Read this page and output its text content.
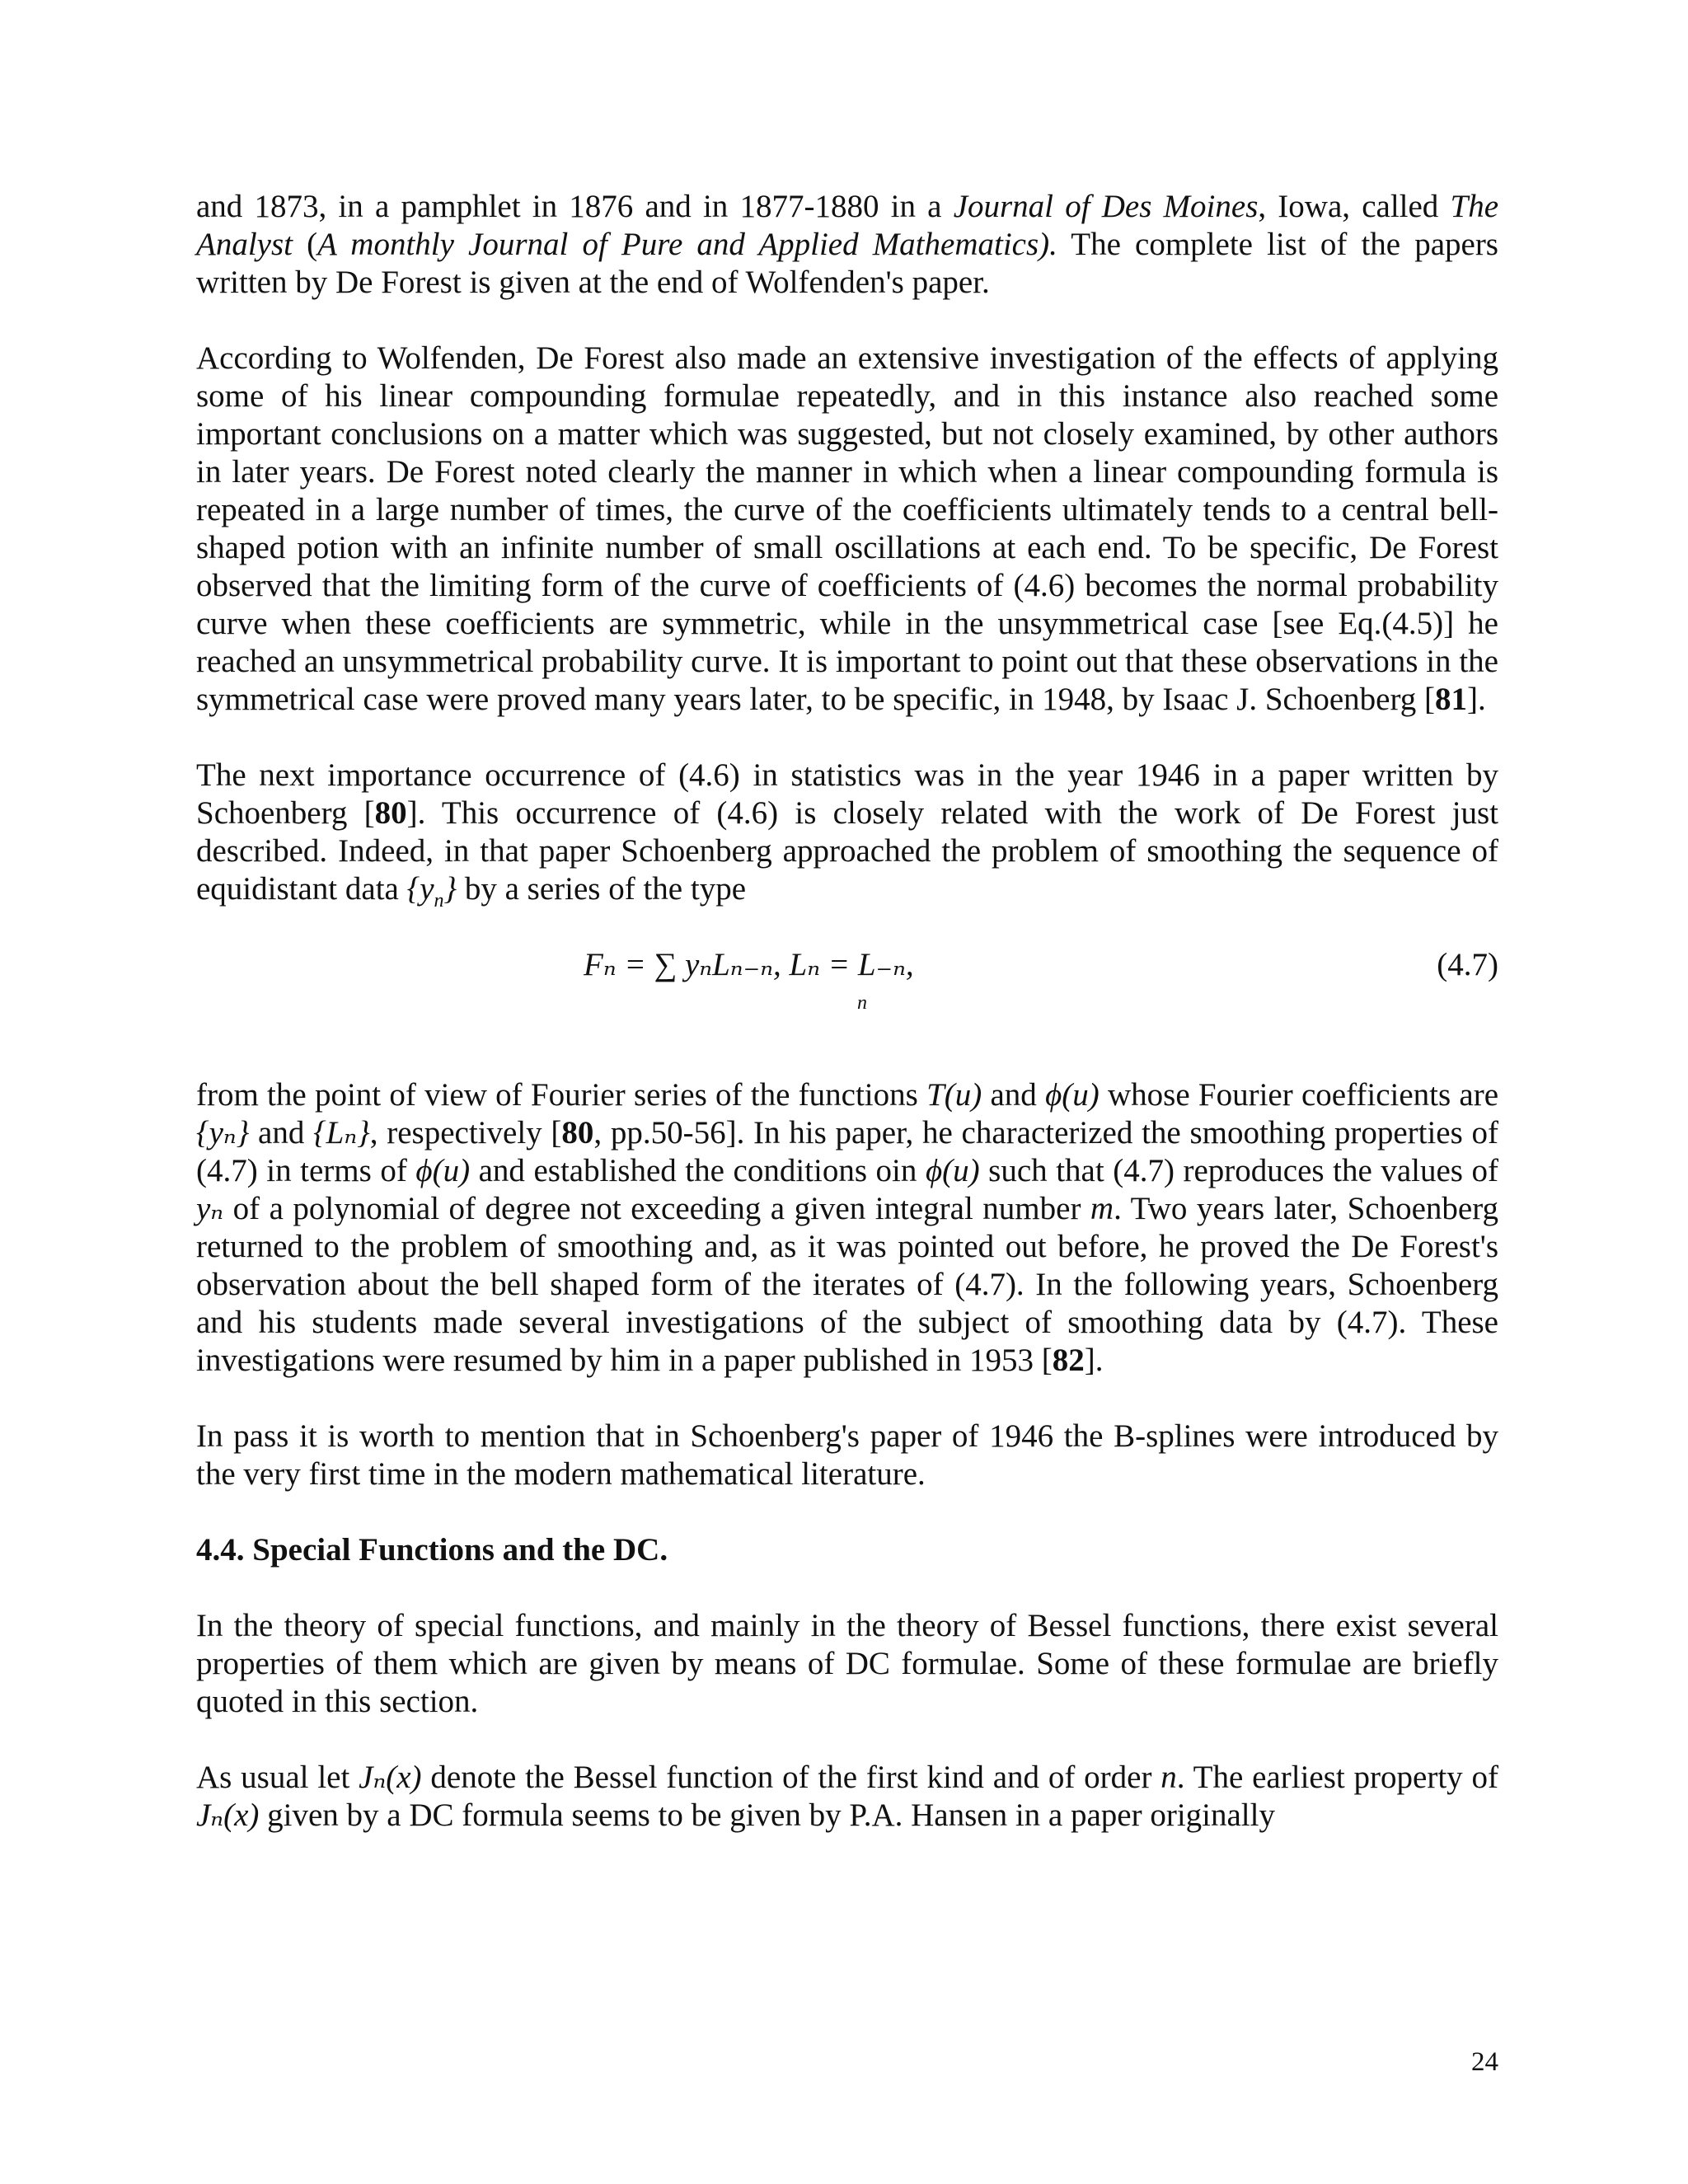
and 1873, in a pamphlet in 1876 and in 1877-1880 in a Journal of Des Moines, Iowa, called The Analyst (A monthly Journal of Pure and Applied Mathematics). The complete list of the papers written by De Forest is given at the end of Wolfenden's paper.

According to Wolfenden, De Forest also made an extensive investigation of the effects of applying some of his linear compounding formulae repeatedly, and in this instance also reached some important conclusions on a matter which was suggested, but not closely examined, by other authors in later years. De Forest noted clearly the manner in which when a linear compounding formula is repeated in a large number of times, the curve of the coefficients ultimately tends to a central bell-shaped potion with an infinite number of small oscillations at each end. To be specific, De Forest observed that the limiting form of the curve of coefficients of (4.6) becomes the normal probability curve when these coefficients are symmetric, while in the unsymmetrical case [see Eq.(4.5)] he reached an unsymmetrical probability curve. It is important to point out that these observations in the symmetrical case were proved many years later, to be specific, in 1948, by Isaac J. Schoenberg [81].

The next importance occurrence of (4.6) in statistics was in the year 1946 in a paper written by Schoenberg [80]. This occurrence of (4.6) is closely related with the work of De Forest just described. Indeed, in that paper Schoenberg approached the problem of smoothing the sequence of equidistant data $\{y_n\}$ by a series of the type

Fₙ = ∑ yₙLₙ₋ₙ, Lₙ = L₋ₙ,
n
(4.7)

from the point of view of Fourier series of the functions T(u) and ϕ(u) whose Fourier coefficients are {yₙ} and {Lₙ}, respectively [80, pp.50-56]. In his paper, he characterized the smoothing properties of (4.7) in terms of ϕ(u) and established the conditions oin ϕ(u) such that (4.7) reproduces the values of yₙ of a polynomial of degree not exceeding a given integral number m. Two years later, Schoenberg returned to the problem of smoothing and, as it was pointed out before, he proved the De Forest's observation about the bell shaped form of the iterates of (4.7). In the following years, Schoenberg and his students made several investigations of the subject of smoothing data by (4.7). These investigations were resumed by him in a paper published in 1953 [82].

In pass it is worth to mention that in Schoenberg's paper of 1946 the B-splines were introduced by the very first time in the modern mathematical literature.

4.4. Special Functions and the DC.

In the theory of special functions, and mainly in the theory of Bessel functions, there exist several properties of them which are given by means of DC formulae. Some of these formulae are briefly quoted in this section.

As usual let Jₙ(x) denote the Bessel function of the first kind and of order n. The earliest property of Jₙ(x) given by a DC formula seems to be given by P.A. Hansen in a paper originally

24
